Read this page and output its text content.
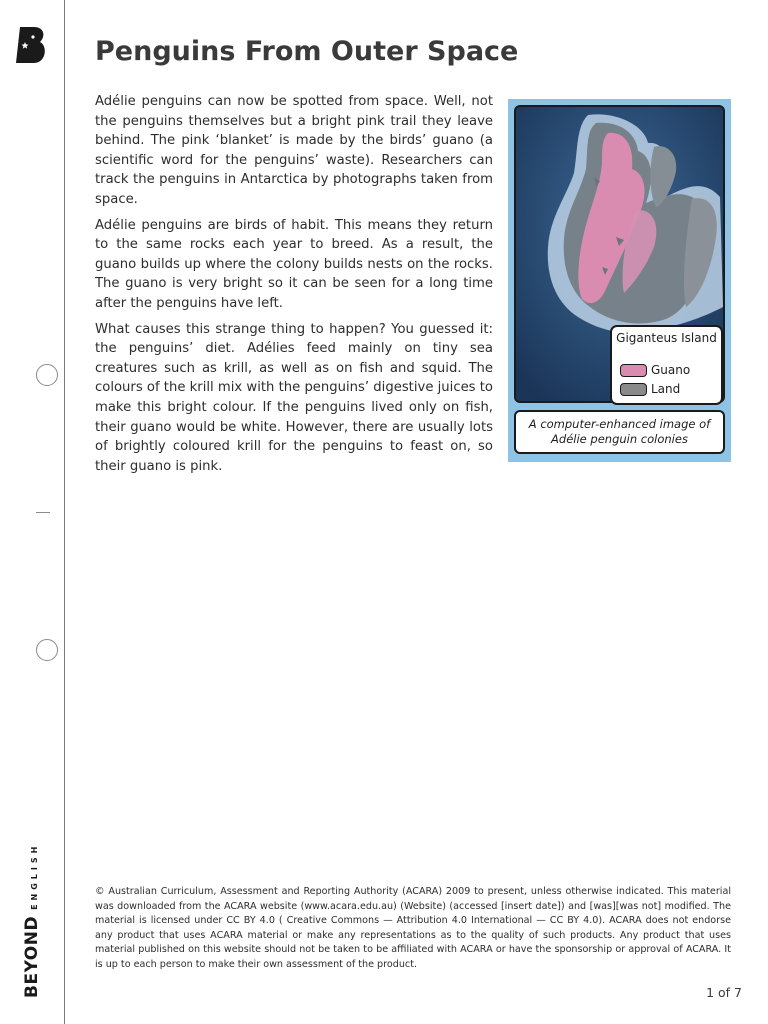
BEYOND
ENGLISH
Penguins From Outer Space

Adélie penguins can now be spotted from space. Well, not the penguins themselves but a bright pink trail they leave behind. The pink ‘blanket’ is made by the birds’ guano (a scientific word for the penguins’ waste). Researchers can track the penguins in Antarctica by photographs taken from space.

Adélie penguins are birds of habit. This means they return to the same rocks each year to breed. As a result, the guano builds up where the colony builds nests on the rocks. The guano is very bright so it can be seen for a long time after the penguins have left.

What causes this strange thing to happen? You guessed it: the penguins’ diet. Adélies feed mainly on tiny sea creatures such as krill, as well as on fish and squid. The colours of the krill mix with the penguins’ digestive juices to make this bright colour. If the penguins lived only on fish, their guano would be white. However, there are usually lots of brightly coloured krill for the penguins to feast on, so their guano is pink.

Giganteus Island
Guano
Land
A computer-enhanced image of Adélie penguin colonies
© Australian Curriculum, Assessment and Reporting Authority (ACARA) 2009 to present, unless otherwise indicated. This material was downloaded from the ACARA website (www.acara.edu.au) (Website) (accessed [insert date]) and [was][was not] modified. The material is licensed under CC BY 4.0 ( Creative Commons — Attribution 4.0 International — CC BY 4.0). ACARA does not endorse any product that uses ACARA material or make any representations as to the quality of such products. Any product that uses material published on this website should not be taken to be affiliated with ACARA or have the sponsorship or approval of ACARA. It is up to each person to make their own assessment of the product.
1 of 7
